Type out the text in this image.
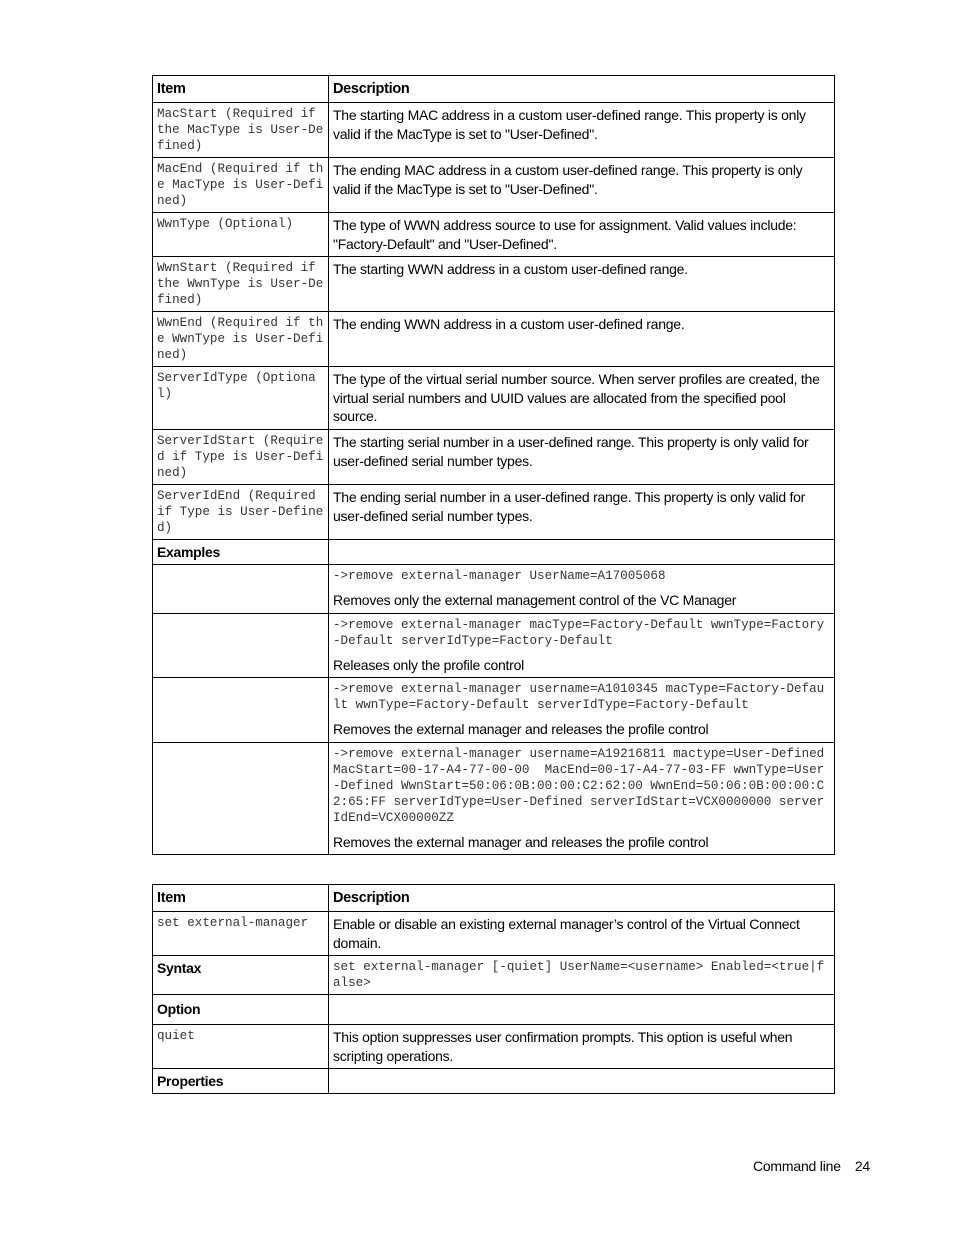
Item	Description
MacStart (Required if the MacType is User-Defined)	The starting MAC address in a custom user-defined range. This property is only valid if the MacType is set to "User-Defined".
MacEnd (Required if the MacType is User-Defined)	The ending MAC address in a custom user-defined range. This property is only valid if the MacType is set to "User-Defined".
WwnType (Optional)	The type of WWN address source to use for assignment. Valid values include: "Factory-Default" and "User-Defined".
WwnStart (Required if the WwnType is User-Defined)	The starting WWN address in a custom user-defined range.
WwnEnd (Required if the WwnType is User-Defined)	The ending WWN address in a custom user-defined range.
ServerIdType (Optional)	The type of the virtual serial number source. When server profiles are created, the virtual serial numbers and UUID values are allocated from the specified pool source.
ServerIdStart (Required if Type is User-Defined)	The starting serial number in a user-defined range. This property is only valid for user-defined serial number types.
ServerIdEnd (Required if Type is User-Defined)	The ending serial number in a user-defined range. This property is only valid for user-defined serial number types.
Examples	

	->remove external-manager UserName=A17005068
Removes only the external management control of the VC Manager

	->remove external-manager macType=Factory-Default wwnType=Factory-Default serverIdType=Factory-Default
Releases only the profile control

	->remove external-manager username=A1010345 macType=Factory-Default wwnType=Factory-Default serverIdType=Factory-Default
Removes the external manager and releases the profile control

	->remove external-manager username=A19216811 mactype=User-Defined MacStart=00-17-A4-77-00-00  MacEnd=00-17-A4-77-03-FF wwnType=User-Defined WwnStart=50:06:0B:00:00:C2:62:00 WwnEnd=50:06:0B:00:00:C2:65:FF serverIdType=User-Defined serverIdStart=VCX0000000 serverIdEnd=VCX00000ZZ
Removes the external manager and releases the profile control
Item	Description
set external-manager	Enable or disable an existing external manager’s control of the Virtual Connect domain.
Syntax	set external-manager [-quiet] UserName=<username> Enabled=<true|false>
Option	
quiet	This option suppresses user confirmation prompts. This option is useful when scripting operations.
Properties	
Command line 24
